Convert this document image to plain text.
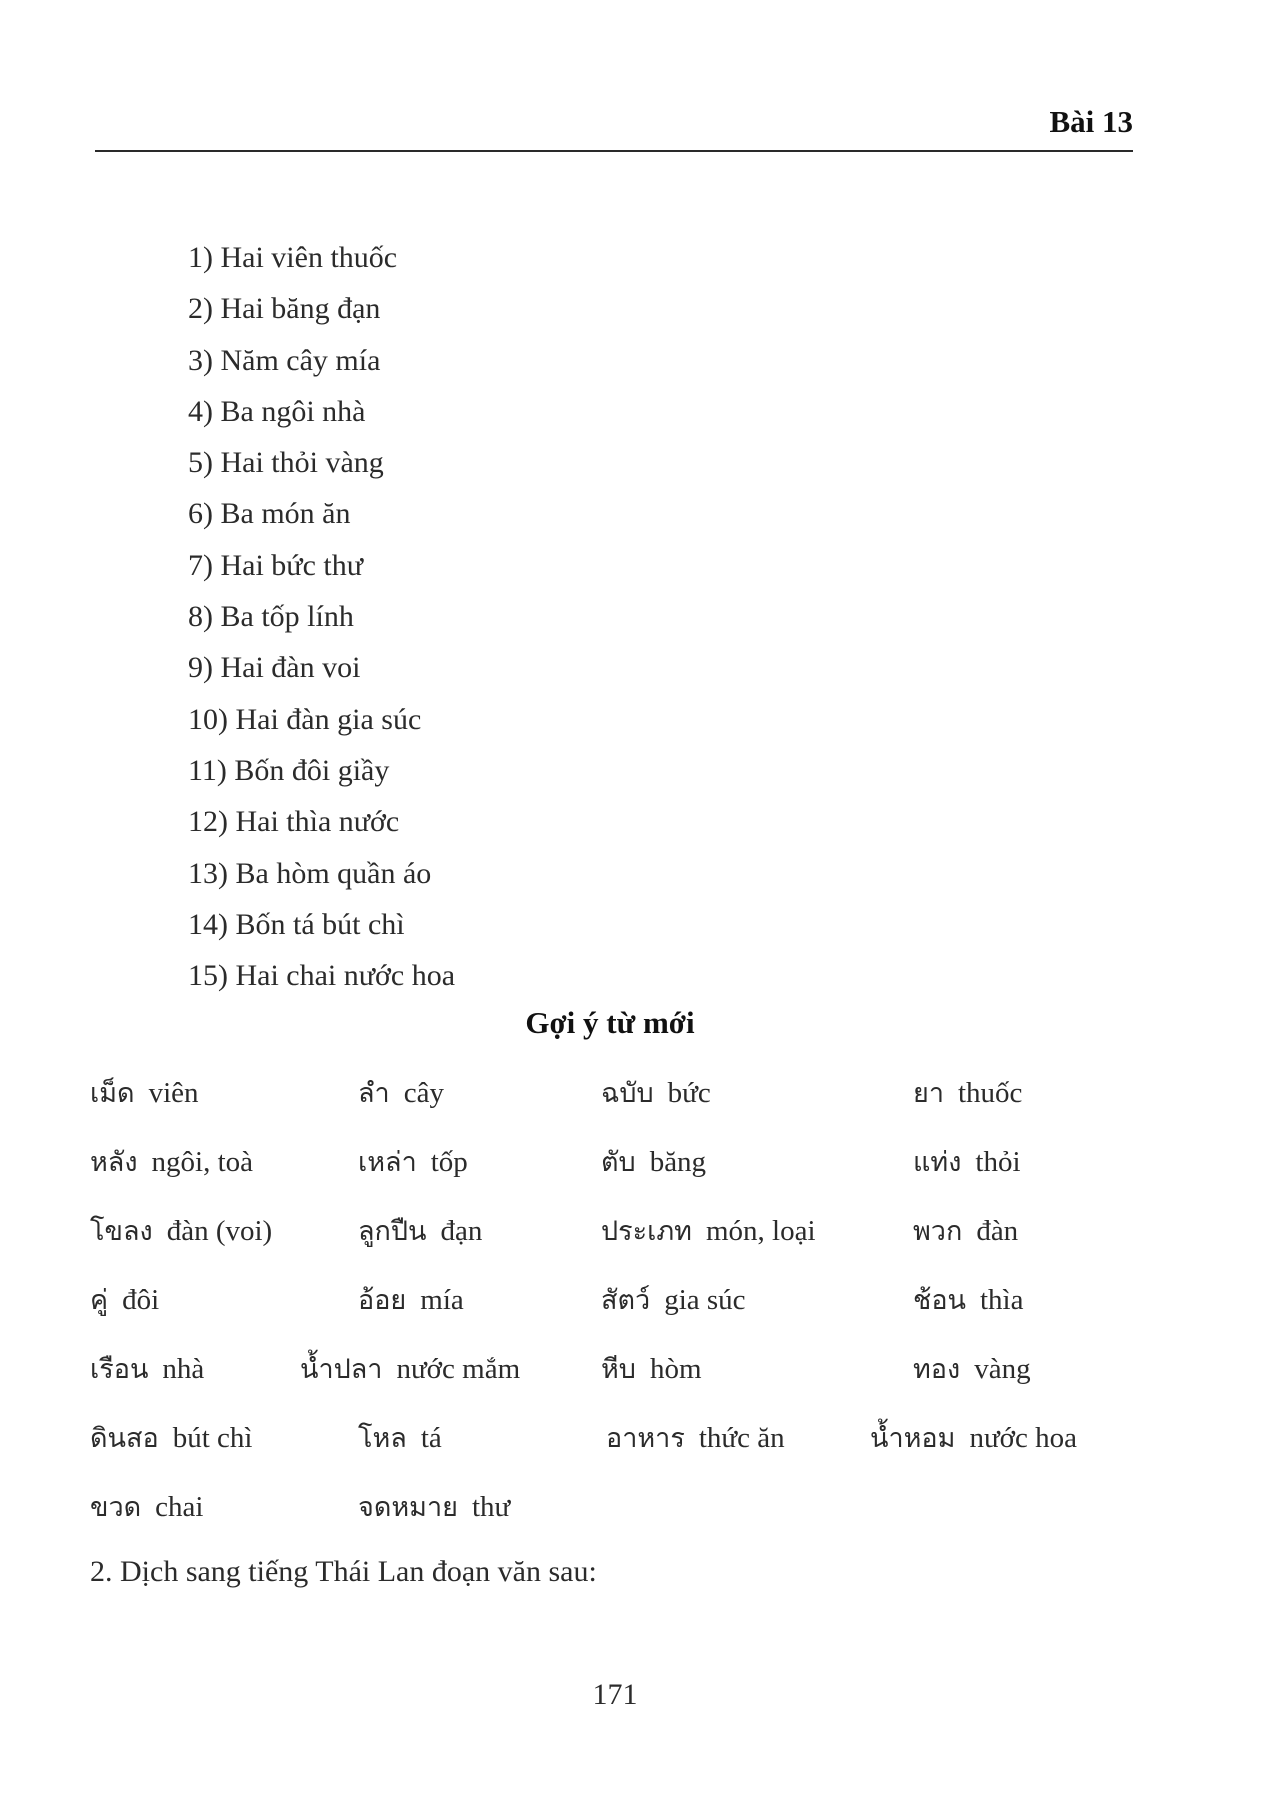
Bài 13
1) Hai viên thuốc
2) Hai băng đạn
3) Năm cây mía
4) Ba ngôi nhà
5) Hai thỏi vàng
6) Ba món ăn
7) Hai bức thư
8) Ba tốp lính
9) Hai đàn voi
10) Hai đàn gia súc
11) Bốn đôi giầy
12) Hai thìa nước
13) Ba hòm quần áo
14) Bốn tá bút chì
15) Hai chai nước hoa
Gợi ý từ mới
เม็ด viên	ลำ cây	ฉบับ bức	ยา thuốc
หลัง ngôi, toà	เหล่า tốp	ตับ băng	แท่ง thỏi
โขลง đàn (voi)	ลูกปืน đạn	ประเภท món, loại	พวก đàn
คู่ đôi	อ้อย mía	สัตว์ gia súc	ช้อน thìa
เรือน nhà	น้ำปลา nước mắm	หีบ hòm	ทอง vàng
ดินสอ bút chì	โหล tá	อาหาร thức ăn	น้ำหอม nước hoa
ขวด chai	จดหมาย thư
2. Dịch sang tiếng Thái Lan đoạn văn sau:
171
